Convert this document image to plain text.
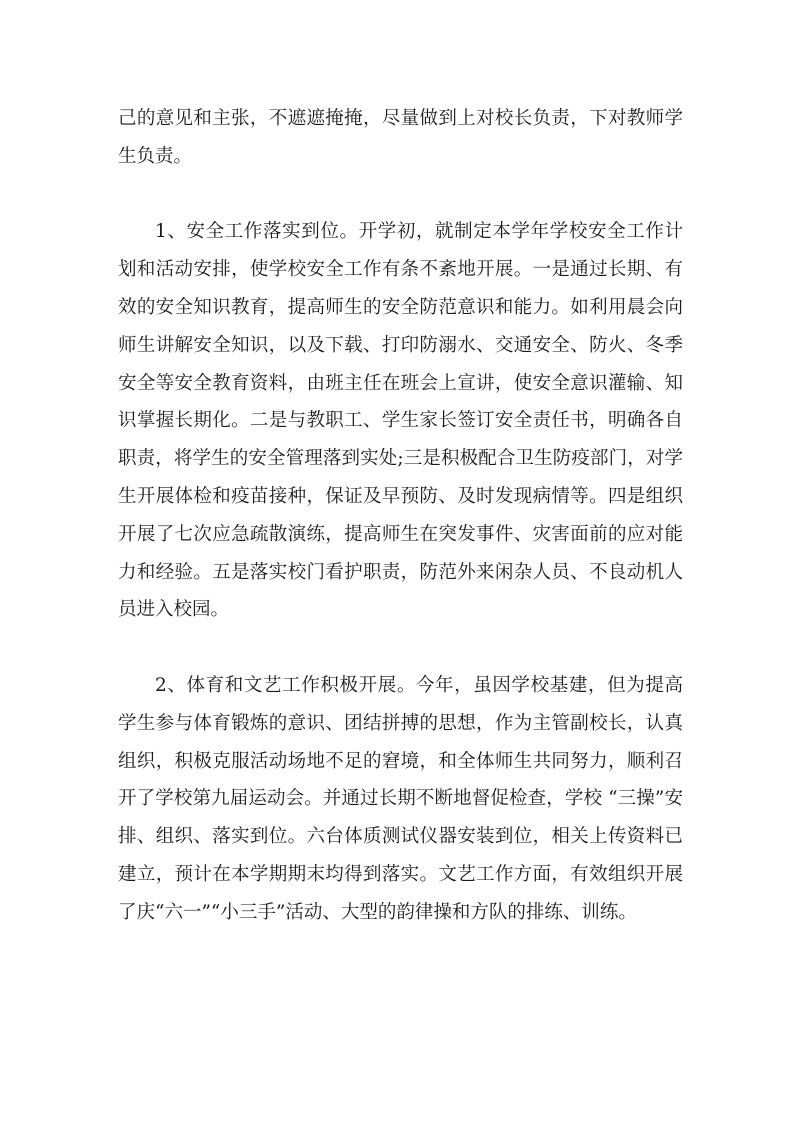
己的意见和主张，不遮遮掩掩，尽量做到上对校长负责，下对教师学生负责。

1、安全工作落实到位。开学初，就制定本学年学校安全工作计划和活动安排，使学校安全工作有条不紊地开展。一是通过长期、有效的安全知识教育，提高师生的安全防范意识和能力。如利用晨会向师生讲解安全知识，以及下载、打印防溺水、交通安全、防火、冬季安全等安全教育资料，由班主任在班会上宣讲，使安全意识灌输、知识掌握长期化。二是与教职工、学生家长签订安全责任书，明确各自职责，将学生的安全管理落到实处;三是积极配合卫生防疫部门，对学生开展体检和疫苗接种，保证及早预防、及时发现病情等。四是组织开展了七次应急疏散演练，提高师生在突发事件、灾害面前的应对能力和经验。五是落实校门看护职责，防范外来闲杂人员、不良动机人员进入校园。

2、体育和文艺工作积极开展。今年，虽因学校基建，但为提高学生参与体育锻炼的意识、团结拼搏的思想，作为主管副校长，认真组织，积极克服活动场地不足的窘境，和全体师生共同努力，顺利召开了学校第九届运动会。并通过长期不断地督促检查，学校 “三操”安排、组织、落实到位。六台体质测试仪器安装到位，相关上传资料已建立，预计在本学期期末均得到落实。文艺工作方面，有效组织开展了庆“六一”“小三手”活动、大型的韵律操和方队的排练、训练。
